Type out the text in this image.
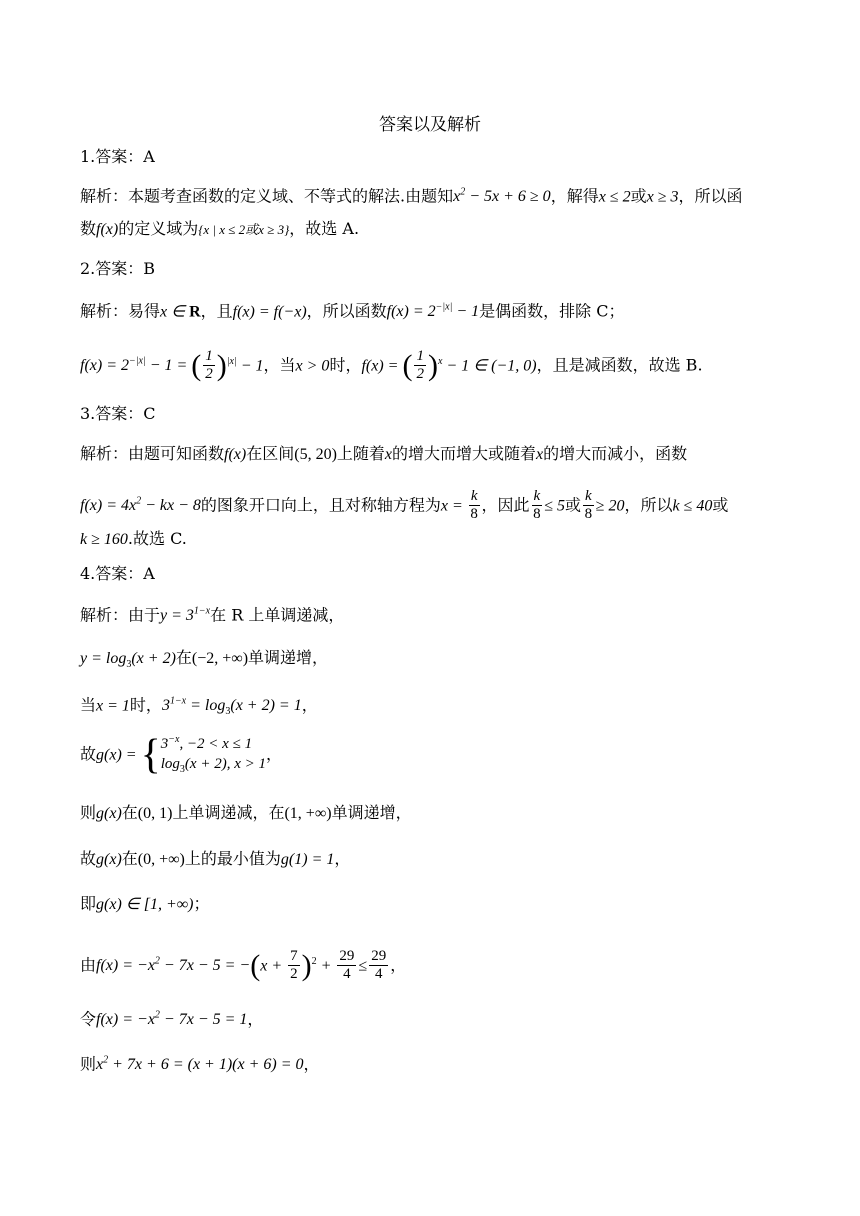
答案以及解析
1.答案：A
解析：本题考查函数的定义域、不等式的解法.由题知$x^2 - 5x + 6 \ge 0$，解得x ≤ 2或x ≥ 3，所以函
数f(x)的定义域为{x | x ≤ 2或x ≥ 3}，故选 A.
2.答案：B
解析：易得x ∈ R，且f(x) = f(−x)，所以函数$f(x) = 2^{-|x|} - 1$是偶函数，排除 C；
$f(x) = 2^{-|x|} - 1$ = ( $\frac{1}{2} )^{|x|} - 1$，当x > 0时，f(x) = ( $\frac{1}{2} )^x - 1$ ∈ (−1, 0)，且是减函数，故选 B.
3.答案：C
解析：由题可知函数f(x)在区间(5, 20)上随着x的增大而增大或随着x的增大而减小，函数
$f(x) = 4x^2$ − kx − 8的图象开口向上，且对称轴方程为$x = \frac{k}{8}$ ，因此 $\frac{k}{8} \le 5$或 $\frac{k}{8} \ge 20$，所以k ≤ 40或
k ≥ 160.故选 C.
4.答案：A
解析：由于$y = 3^{1-x}$在 R 上单调递减，
$y = \log_3(x + 2)$在(−2, +∞)单调递增，
当x = 1时，$3^{1-x} = \log_3(x + 2) = 1$，
故g(x) = { $3^{-x}$, −2 < x ≤ 1
$\log_3(x + 2)$, x > 1
，
则g(x)在(0, 1)上单调递减，在(1, +∞)单调递增，
故g(x)在(0, +∞)上的最小值为g(1) = 1，
即g(x) ∈ [1, +∞)；
由$f(x) = -x^2 - 7x - 5 = -(x + \frac{7}{2} )^2 + \frac{29}{4} \le \frac{29}{4}$ ，
令$f(x) = -x^2 - 7x - 5 = 1$，
则$x^2 + 7x + 6 = (x + 1)(x + 6) = 0$，
